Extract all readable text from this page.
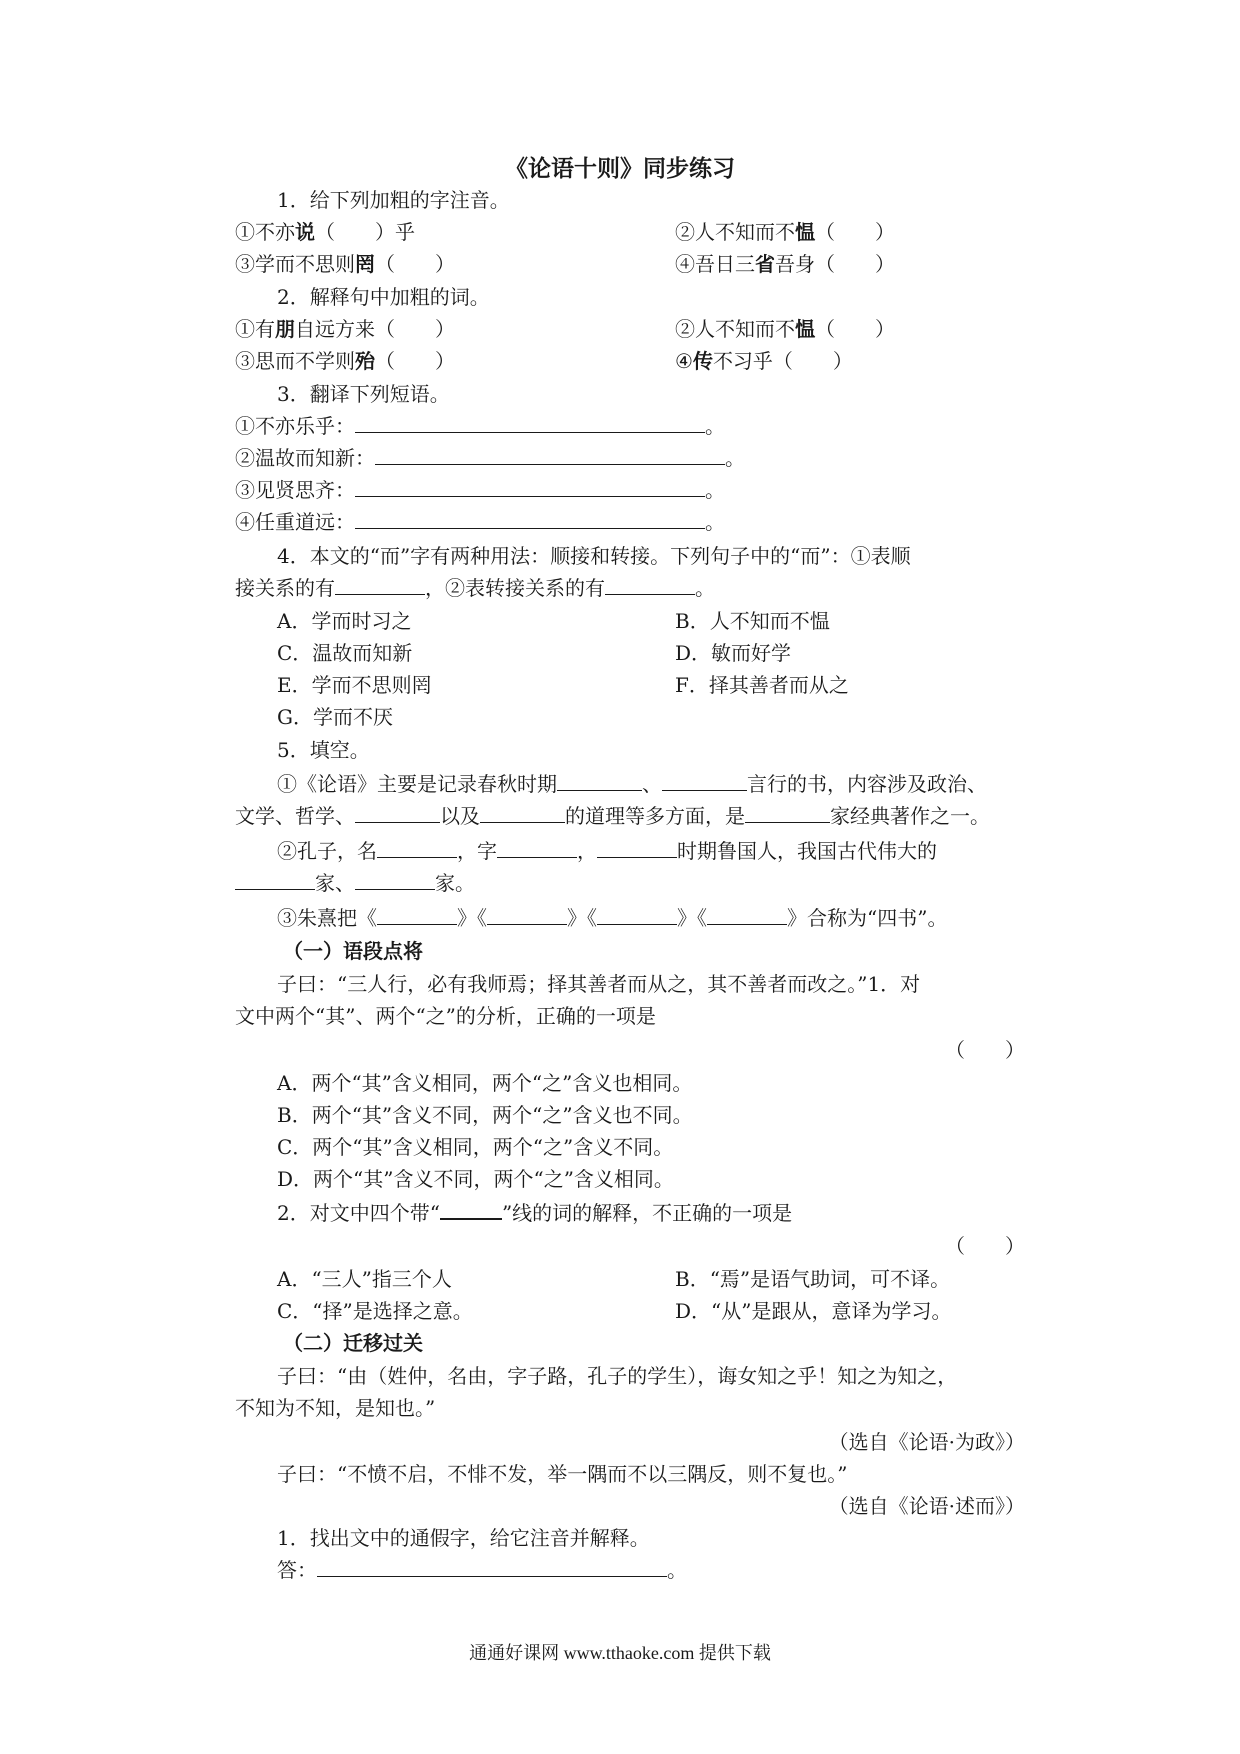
《论语十则》同步练习
1．给下列加粗的字注音。
①不亦说（　　）乎	②人不知而不愠（　　）
③学而不思则罔（　　）	④吾日三省吾身（　　）
2．解释句中加粗的词。
①有朋自远方来（　　）	②人不知而不愠（　　）
③思而不学则殆（　　）	④传不习乎（　　）
3．翻译下列短语。
①不亦乐乎：	。
②温故而知新：	。
③见贤思齐：	。
④任重道远：	。
4．本文的“而”字有两种用法：顺接和转接。下列句子中的“而”：①表顺
接关系的有	，②表转接关系的有	。
A．学而时习之	B．人不知而不愠
C．温故而知新	D．敏而好学
E．学而不思则罔	F．择其善者而从之
G．学而不厌
5．填空。
①《论语》主要是记录春秋时期	、	言行的书，内容涉及政治、
文学、哲学、	以及	的道理等多方面，是	家经典著作之一。
②孔子，名	，字	，	时期鲁国人，我国古代伟大的
家、	家。
③朱熹把《	》《	》《	》《	》合称为“四书”。
（一）语段点将
子曰：“三人行，必有我师焉；择其善者而从之，其不善者而改之。”1．对
文中两个“其”、两个“之”的分析，正确的一项是
（　　）
A．两个“其”含义相同，两个“之”含义也相同。
B．两个“其”含义不同，两个“之”含义也不同。
C．两个“其”含义相同，两个“之”含义不同。
D．两个“其”含义不同，两个“之”含义相同。
2．对文中四个带“	”线的词的解释，不正确的一项是
（　　）
A．“三人”指三个人	B．“焉”是语气助词，可不译。
C．“择”是选择之意。	D．“从”是跟从，意译为学习。
（二）迁移过关
子曰：“由（姓仲，名由，字子路，孔子的学生），诲女知之乎！知之为知之，
不知为不知，是知也。”
（选自《论语·为政》）
子曰：“不愤不启，不悱不发，举一隅而不以三隅反，则不复也。”
（选自《论语·述而》）
1．找出文中的通假字，给它注音并解释。
答：	。
通通好课网 www.tthaoke.com 提供下载
